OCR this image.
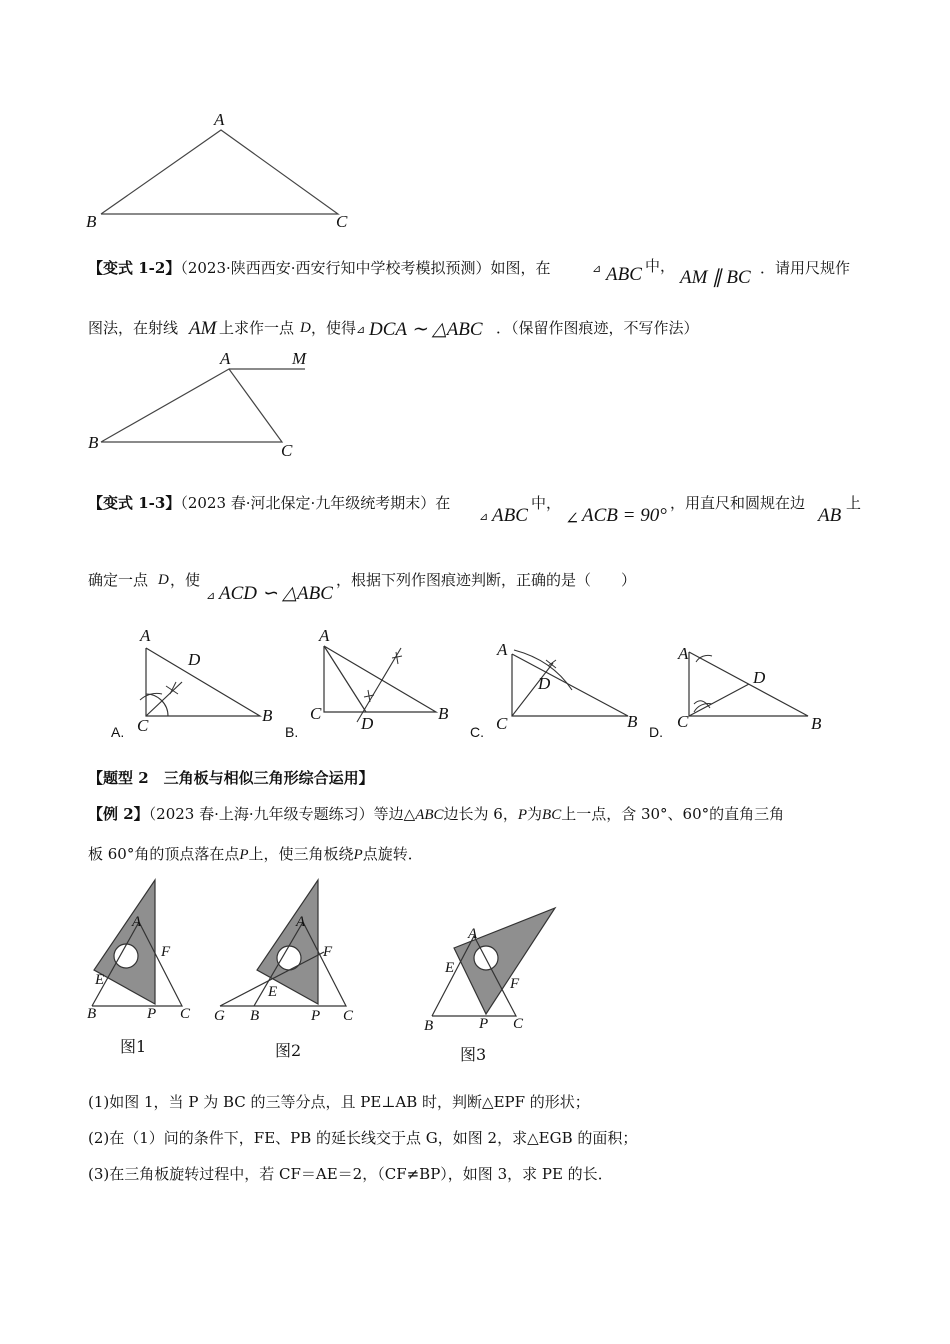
A
B	C
【变式 1-2】（2023·陕西西安·西安行知中学校考模拟预测）如图，在	⊿ ABC 中，
AM ∥ BC ．请用尺规作
图法，在射线 AM 上求作一点 D ，使得 ⊿ DCA ∼ △ABC ．（保留作图痕迹，不写作法）
A	M
B	C
【变式 1-3】（2023 春·河北保定·九年级统考期末）在
⊿ ABC
中，
∠ ACB = 90°
，用直尺和圆规在边
AB
上
确定一点 D ，使
⊿ ACD ∽ △ABC
，根据下列作图痕迹判断，正确的是（　　）
A
D
C
B
A.
A
C
D
B
B.
A
D
C	B
C.
A
D
C	B
D.
【题型 2　三角板与相似三角形综合运用】
【例 2】（2023 春·上海·九年级专题练习）等边△ABC边长为 6，P为BC上一点，含 30°、60°的直角三角
板 60°角的顶点落在点P上，使三角板绕P点旋转．
A
F
E
B	P C
图1
A
F
E
G B	P C
图2
A
E
F
B	P C
图3
(1)如图 1，当 P 为 BC 的三等分点，且 PE⊥AB 时，判断△EPF 的形状；
(2)在（1）问的条件下，FE、PB 的延长线交于点 G，如图 2，求△EGB 的面积；
(3)在三角板旋转过程中，若 CF＝AE＝2，（CF≠BP），如图 3，求 PE 的长．
